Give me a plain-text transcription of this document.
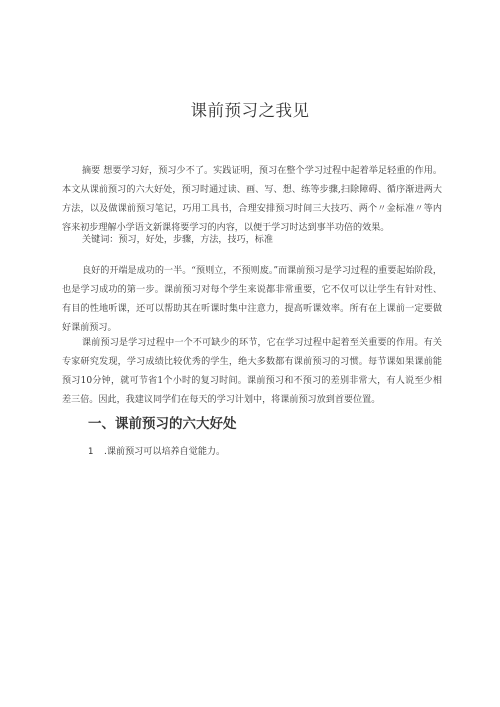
课前预习之我见

摘要 想要学习好，预习少不了。实践证明，预习在整个学习过程中起着举足轻重的作用。本文从课前预习的六大好处，预习时通过读、画、写、想、练等步骤,扫除障碍、循序渐进两大方法，以及做课前预习笔记，巧用工具书，合理安排预习时间三大技巧、两个〃金标准〃等内容来初步理解小学语文新课将要学习的内容，以便于学习时达到事半功倍的效果。

关键词：预习，好处，步骤，方法，技巧，标准

良好的开端是成功的一半。“预则立，不预则废。”而课前预习是学习过程的重要起始阶段，也是学习成功的第一步。课前预习对每个学生来说都非常重要，它不仅可以让学生有针对性、有目的性地听课，还可以帮助其在听课时集中注意力，提高听课效率。所有在上课前一定要做好课前预习。

课前预习是学习过程中一个不可缺少的环节，它在学习过程中起着至关重要的作用。有关专家研究发现，学习成绩比较优秀的学生，绝大多数都有课前预习的习惯。每节课如果课前能预习10分钟，就可节省1个小时的复习时间。课前预习和不预习的差别非常大，有人说至少相差三倍。因此，我建议同学们在每天的学习计划中，将课前预习放到首要位置。

一、课前预习的六大好处

1 .课前预习可以培养自觉能力。
